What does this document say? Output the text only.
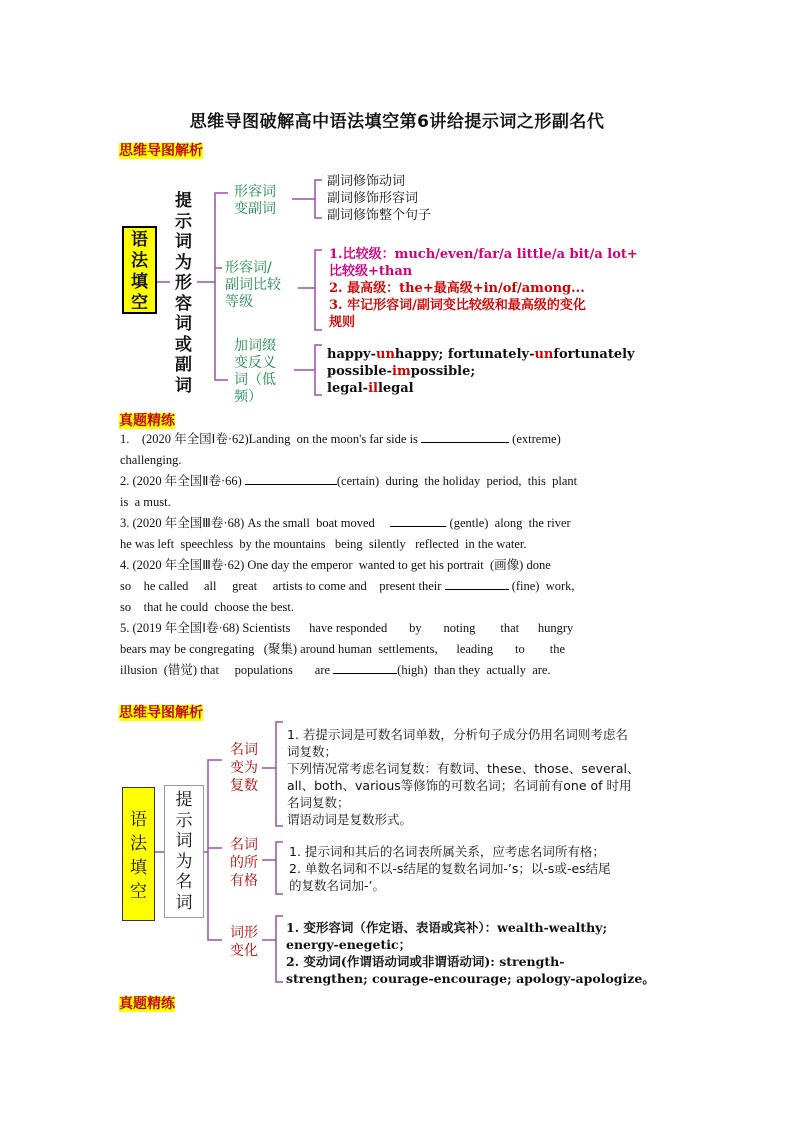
思维导图破解高中语法填空第6讲给提示词之形副名代
思维导图解析
语法填空
提示词为形容词或副词
形容词
变副词
形容词/
副词比较
等级
加词缀
变反义
词（低
频）
副词修饰动词
副词修饰形容词
副词修饰整个句子
1.比较级：much/even/far/a little/a bit/a lot+
比较级+than
2. 最高级：the+最高级+in/of/among...
3. 牢记形容词/副词变比较级和最高级的变化
规则
happy-unhappy; fortunately-unfortunately
possible-impossible;
legal-illegal
真题精练
1.    (2020 年全国Ⅰ卷·62)Landing  on the moon's far side is	(extreme)
challenging.
2. (2020 年全国Ⅱ卷·66)	(certain)  during  the holiday  period,  this  plant
is  a must.
3. (2020 年全国Ⅲ卷·68) As the small  boat moved	(gentle)  along  the river
he was left  speechless  by the mountains   being  silently   reflected  in the water.
4. (2020 年全国Ⅲ卷·62) One day the emperor  wanted to get his portrait  (画像) done
so    he called     all     great     artists to come and    present their	(fine)  work,
so    that he could  choose the best.
5. (2019 年全国Ⅰ卷·68) Scientists      have responded       by       noting        that      hungry
bears may be congregating   (聚集) around human  settlements,      leading       to        the
illusion  (错觉) that     populations       are	(high)  than they  actually  are.
思维导图解析
语法填空
提示词为名词
名词
变为
复数
名词
的所
有格
词形
变化
1. 若提示词是可数名词单数，分析句子成分仍用名词则考虑名
词复数；
下列情况常考虑名词复数：有数词、these、those、several、
all、both、various等修饰的可数名词；名词前有one of 时用
名词复数；
谓语动词是复数形式。
1. 提示词和其后的名词表所属关系，应考虑名词所有格；
2. 单数名词和不以-s结尾的复数名词加-’s；以-s或-es结尾
的复数名词加-’。
1. 变形容词（作定语、表语或宾补）：wealth-wealthy;
energy-enegetic；
2. 变动词(作谓语动词或非谓语动词): strength-
strengthen; courage-encourage; apology-apologize。
真题精练
